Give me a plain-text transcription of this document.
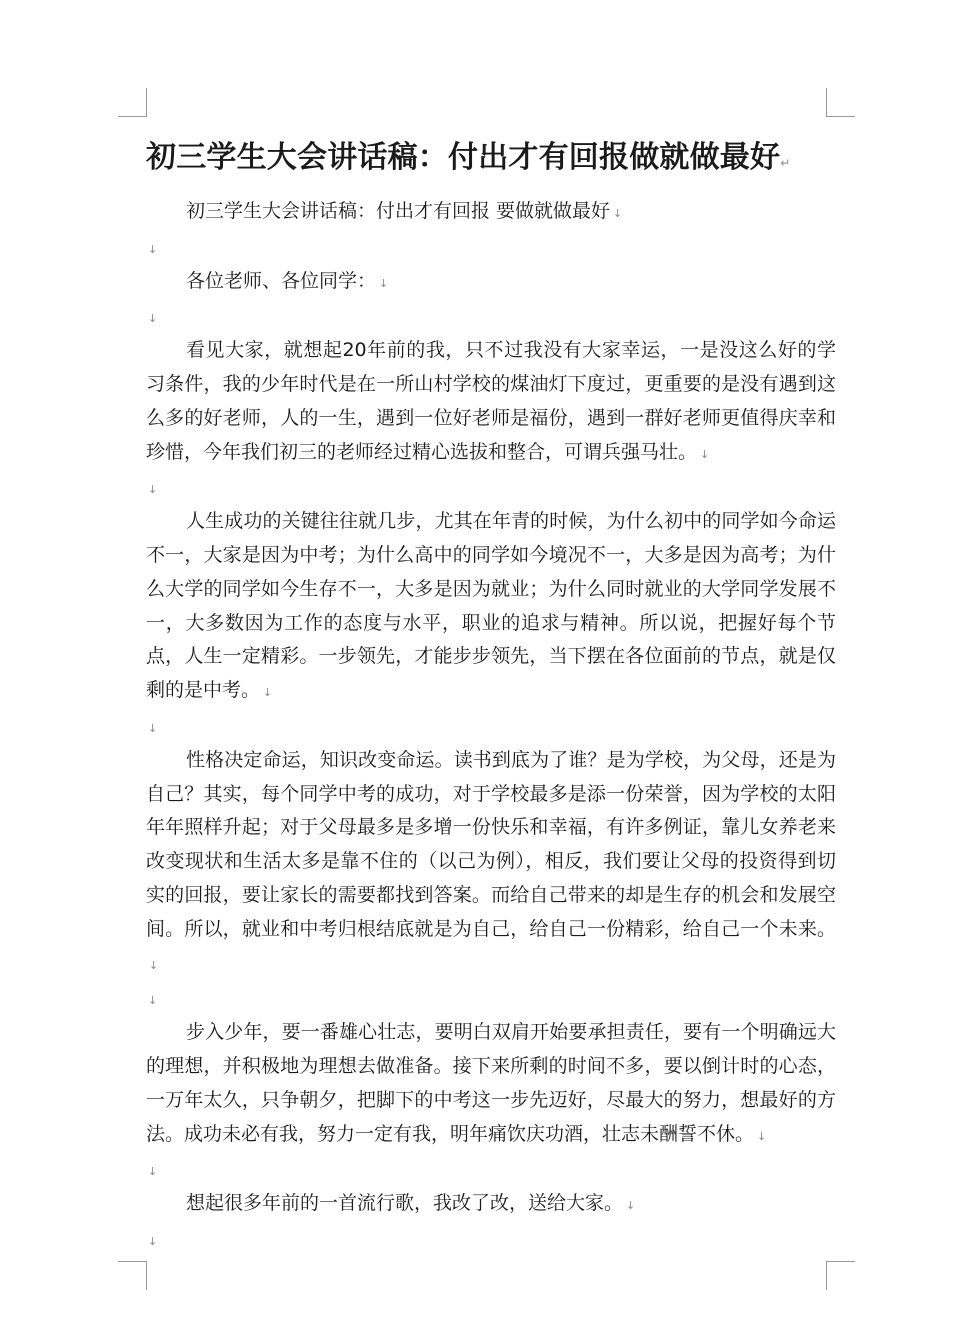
初三学生大会讲话稿：付出才有回报做就做最好↵

初三学生大会讲话稿：付出才有回报 要做就做最好 ↓

↓

各位老师、各位同学： ↓

↓

看见大家，就想起20年前的我，只不过我没有大家幸运，一是没这么好的学习条件，我的少年时代是在一所山村学校的煤油灯下度过，更重要的是没有遇到这么多的好老师，人的一生，遇到一位好老师是福份，遇到一群好老师更值得庆幸和珍惜，今年我们初三的老师经过精心选拔和整合，可谓兵强马壮。 ↓

↓

人生成功的关键往往就几步，尤其在年青的时候，为什么初中的同学如今命运不一，大家是因为中考；为什么高中的同学如今境况不一，大多是因为高考；为什么大学的同学如今生存不一，大多是因为就业；为什么同时就业的大学同学发展不一，大多数因为工作的态度与水平，职业的追求与精神。所以说，把握好每个节点，人生一定精彩。一步领先，才能步步领先，当下摆在各位面前的节点，就是仅剩的是中考。 ↓

↓

性格决定命运，知识改变命运。读书到底为了谁？是为学校，为父母，还是为自己？其实，每个同学中考的成功，对于学校最多是添一份荣誉，因为学校的太阳年年照样升起；对于父母最多是多增一份快乐和幸福，有许多例证，靠儿女养老来改变现状和生活太多是靠不住的（以己为例），相反，我们要让父母的投资得到切实的回报，要让家长的需要都找到答案。而给自己带来的却是生存的机会和发展空间。所以，就业和中考归根结底就是为自己，给自己一份精彩，给自己一个未来。↓

↓

步入少年，要一番雄心壮志，要明白双肩开始要承担责任，要有一个明确远大的理想，并积极地为理想去做准备。接下来所剩的时间不多，要以倒计时的心态，一万年太久，只争朝夕，把脚下的中考这一步先迈好，尽最大的努力，想最好的方法。成功未必有我，努力一定有我，明年痛饮庆功酒，壮志未酬誓不休。 ↓

↓

想起很多年前的一首流行歌，我改了改，送给大家。 ↓

↓
